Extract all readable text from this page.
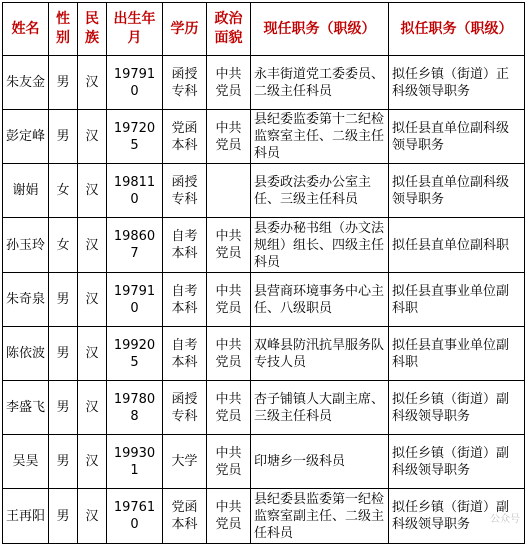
姓名	性别	民族	出生年月	学历	政治面貌	现任职务（职级）	拟任职务（职级）
朱友金	男	汉	197910	函授专科	中共党员	永丰街道党工委委员、二级主任科员	拟任乡镇（街道）正科级领导职务
彭定峰	男	汉	197205	党函本科	中共党员	县纪委监委第十二纪检监察室主任、二级主任科员	拟任县直单位副科级领导职务
谢娟	女	汉	198110	函授专科		县委政法委办公室主任、三级主任科员	拟任县直单位副科级领导职务
孙玉玲	女	汉	198607	自考本科	中共党员	县委办秘书组（办文法规组）组长、四级主任科员	拟任县直单位副科职
朱奇泉	男	汉	197910	自考本科	中共党员	县营商环境事务中心主任、八级职员	拟任县直事业单位副科职
陈依波	男	汉	199205	自考本科	中共党员	双峰县防汛抗旱服务队专技人员	拟任县直事业单位副科职
李盛飞	男	汉	197808	函授专科	中共党员	杏子铺镇人大副主席、三级主任科员	拟任乡镇（街道）副科级领导职务
吴昊	男	汉	199301	大学	中共党员	印塘乡一级科员	拟任乡镇（街道）副科级领导职务
王再阳	男	汉	197610	党函本科	中共党员	县纪委县监委第一纪检监察室副主任、二级主任科员	拟任乡镇（街道）副科级领导职务 公众号
